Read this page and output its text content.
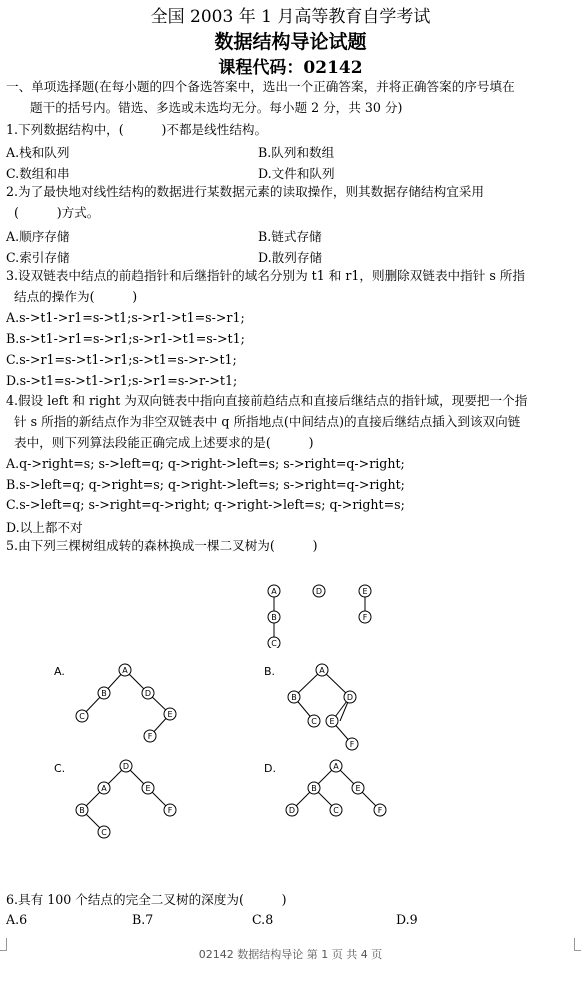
全国 2003 年 1 月高等教育自学考试
数据结构导论试题
课程代码：02142
一、单项选择题(在每小题的四个备选答案中，选出一个正确答案，并将正确答案的序号填在
题干的括号内。错选、多选或未选均无分。每小题 2 分，共 30 分)
1.下列数据结构中，(　　　)不都是线性结构。
A.栈和队列	B.队列和数组
C.数组和串	D.文件和队列
2.为了最快地对线性结构的数据进行某数据元素的读取操作，则其数据存储结构宜采用
(　　　)方式。
A.顺序存储	B.链式存储
C.索引存储	D.散列存储
3.设双链表中结点的前趋指针和后继指针的域名分别为 t1 和 r1，则删除双链表中指针 s 所指
结点的操作为(　　　)
A.s->t1->r1=s->t1;s->r1->t1=s->r1;
B.s->t1->r1=s->r1;s->r1->t1=s->t1;
C.s->r1=s->t1->r1;s->t1=s->r->t1;
D.s->t1=s->t1->r1;s->r1=s->r->t1;
4.假设 left 和 right 为双向链表中指向直接前趋结点和直接后继结点的指针域，现要把一个指
针 s 所指的新结点作为非空双链表中 q 所指地点(中间结点)的直接后继结点插入到该双向链
表中，则下列算法段能正确完成上述要求的是(　　　)
A.q->right=s; s->left=q; q->right->left=s; s->right=q->right;
B.s->left=q; q->right=s; q->right->left=s; s->right=q->right;
C.s->left=q; s->right=q->right; q->right->left=s; q->right=s;
D.以上都不对
5.由下列三棵树组成转的森林换成一棵二叉树为(　　　)
A
B
C
D	E
F
A.	A
B	D
C	E
F
B.	A
B	D
C E
F
C.	D
A	E
B	F
C
D.	A
B	E
D	C	F
6.具有 100 个结点的完全二叉树的深度为(　　　)
A.6	B.7	C.8	D.9
02142 数据结构导论 第 1 页 共 4 页
